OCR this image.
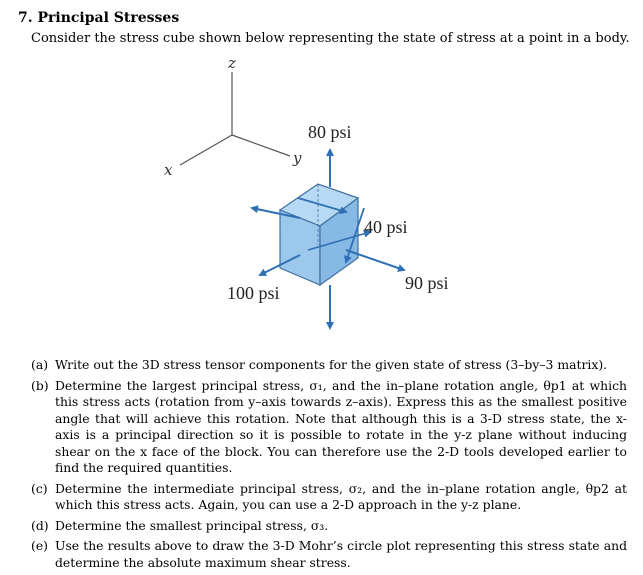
7. Principal Stresses
Consider the stress cube shown below representing the state of stress at a point in a body.
z
y
x
80 psi
40 psi
100 psi	90 psi
(a) Write out the 3D stress tensor components for the given state of stress (3–by–3 matrix).
(b) Determine the largest principal stress, σ₁, and the in–plane rotation angle, θp1 at which this stress acts (rotation from y–axis towards z–axis). Express this as the smallest positive angle that will achieve this rotation. Note that although this is a 3-D stress state, the x-axis is a principal direction so it is possible to rotate in the y-z plane without inducing shear on the x face of the block. You can therefore use the 2-D tools developed earlier to find the required quantities.
(c) Determine the intermediate principal stress, σ₂, and the in–plane rotation angle, θp2 at which this stress acts. Again, you can use a 2-D approach in the y-z plane.
(d) Determine the smallest principal stress, σ₃.
(e) Use the results above to draw the 3-D Mohr’s circle plot representing this stress state and determine the absolute maximum shear stress.
